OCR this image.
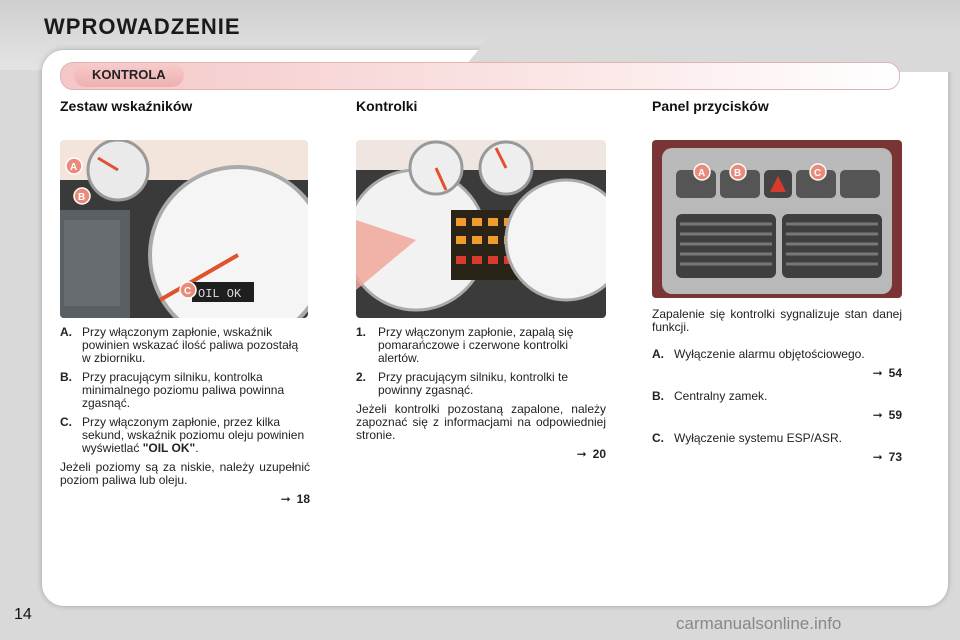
WPROWADZENIE
KONTROLA
Zestaw wskaźników
OIL OK
A
B
C
A. Przy włączonym zapłonie, wskaźnik powinien wskazać ilość paliwa pozostałą w zbiorniku.
B. Przy pracującym silniku, kontrolka minimalnego poziomu paliwa powinna zgasnąć.
C. Przy włączonym zapłonie, przez kilka sekund, wskaźnik poziomu oleju powinien wyświetlać "OIL OK".
Jeżeli poziomy są za niskie, należy uzupełnić poziom paliwa lub oleju.
➞ 18
Kontrolki
1. Przy włączonym zapłonie, zapalą się pomarańczowe i czerwone kontrolki alertów.
2. Przy pracującym silniku, kontrolki te powinny zgasnąć.
Jeżeli kontrolki pozostaną zapalone, należy zapoznać się z informacjami na odpowiedniej stronie.
➞ 20
Panel przycisków
A	B	C
Zapalenie się kontrolki sygnalizuje stan danej funkcji.
A. Wyłączenie alarmu objętościowego.
➞ 54
B. Centralny zamek.
➞ 59
C. Wyłączenie systemu ESP/ASR.
➞ 73
14	carmanualsonline.info
